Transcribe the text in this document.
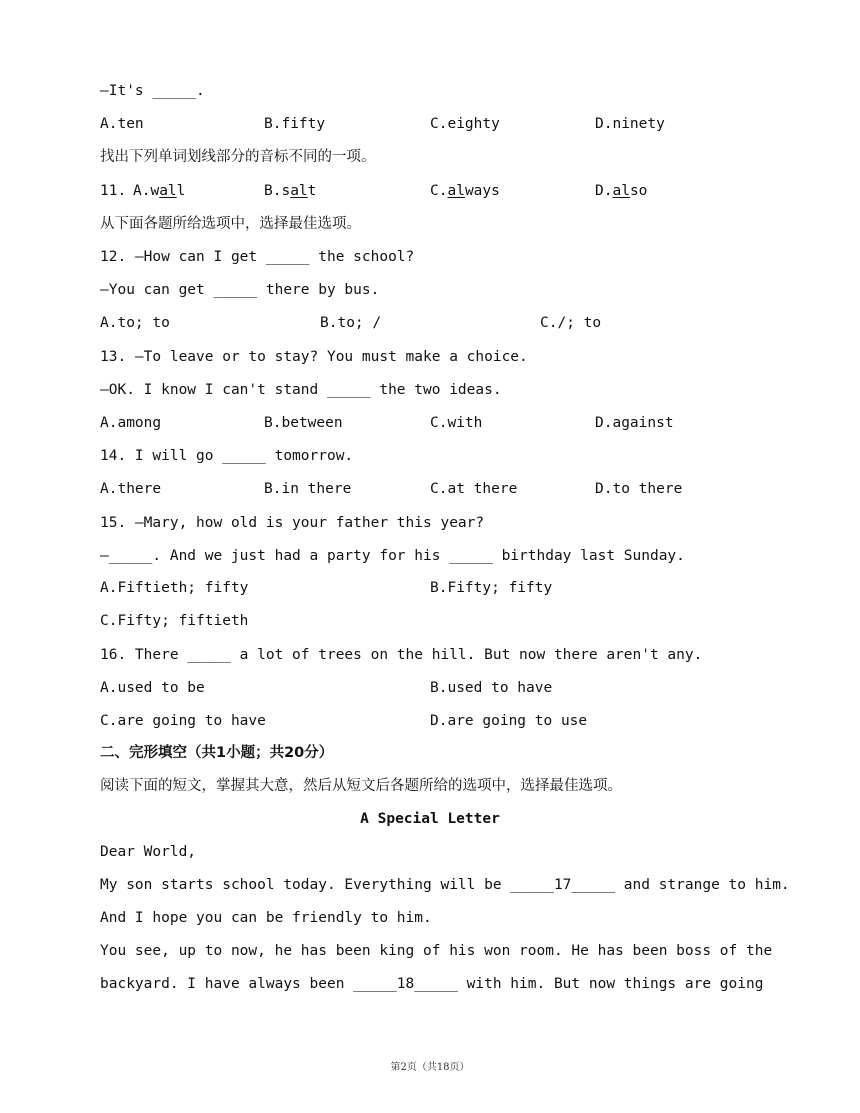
—It's _____.
A.ten	B.fifty	C.eighty	D.ninety
找出下列单词划线部分的音标不同的一项。
11. A.wall	B.salt	C.always	D.also
从下面各题所给选项中，选择最佳选项。
12. —How can I get _____ the school?
—You can get _____ there by bus.
A.to; to	B.to; /	C./; to
13. —To leave or to stay? You must make a choice.
—OK. I know I can't stand _____ the two ideas.
A.among	B.between	C.with	D.against
14. I will go _____ tomorrow.
A.there	B.in there	C.at there	D.to there
15. —Mary, how old is your father this year?
—_____. And we just had a party for his _____ birthday last Sunday.
A.Fiftieth; fifty	B.Fifty; fifty
C.Fifty; fiftieth
16. There _____ a lot of trees on the hill. But now there aren't any.
A.used to be	B.used to have
C.are going to have	D.are going to use
二、完形填空（共1小题；共20分）
阅读下面的短文，掌握其大意，然后从短文后各题所给的选项中，选择最佳选项。
A Special Letter
Dear World,
My son starts school today. Everything will be _____17_____ and strange to him.
And I hope you can be friendly to him.
You see, up to now, he has been king of his won room. He has been boss of the
backyard. I have always been _____18_____ with him. But now things are going
第2页（共18页）
